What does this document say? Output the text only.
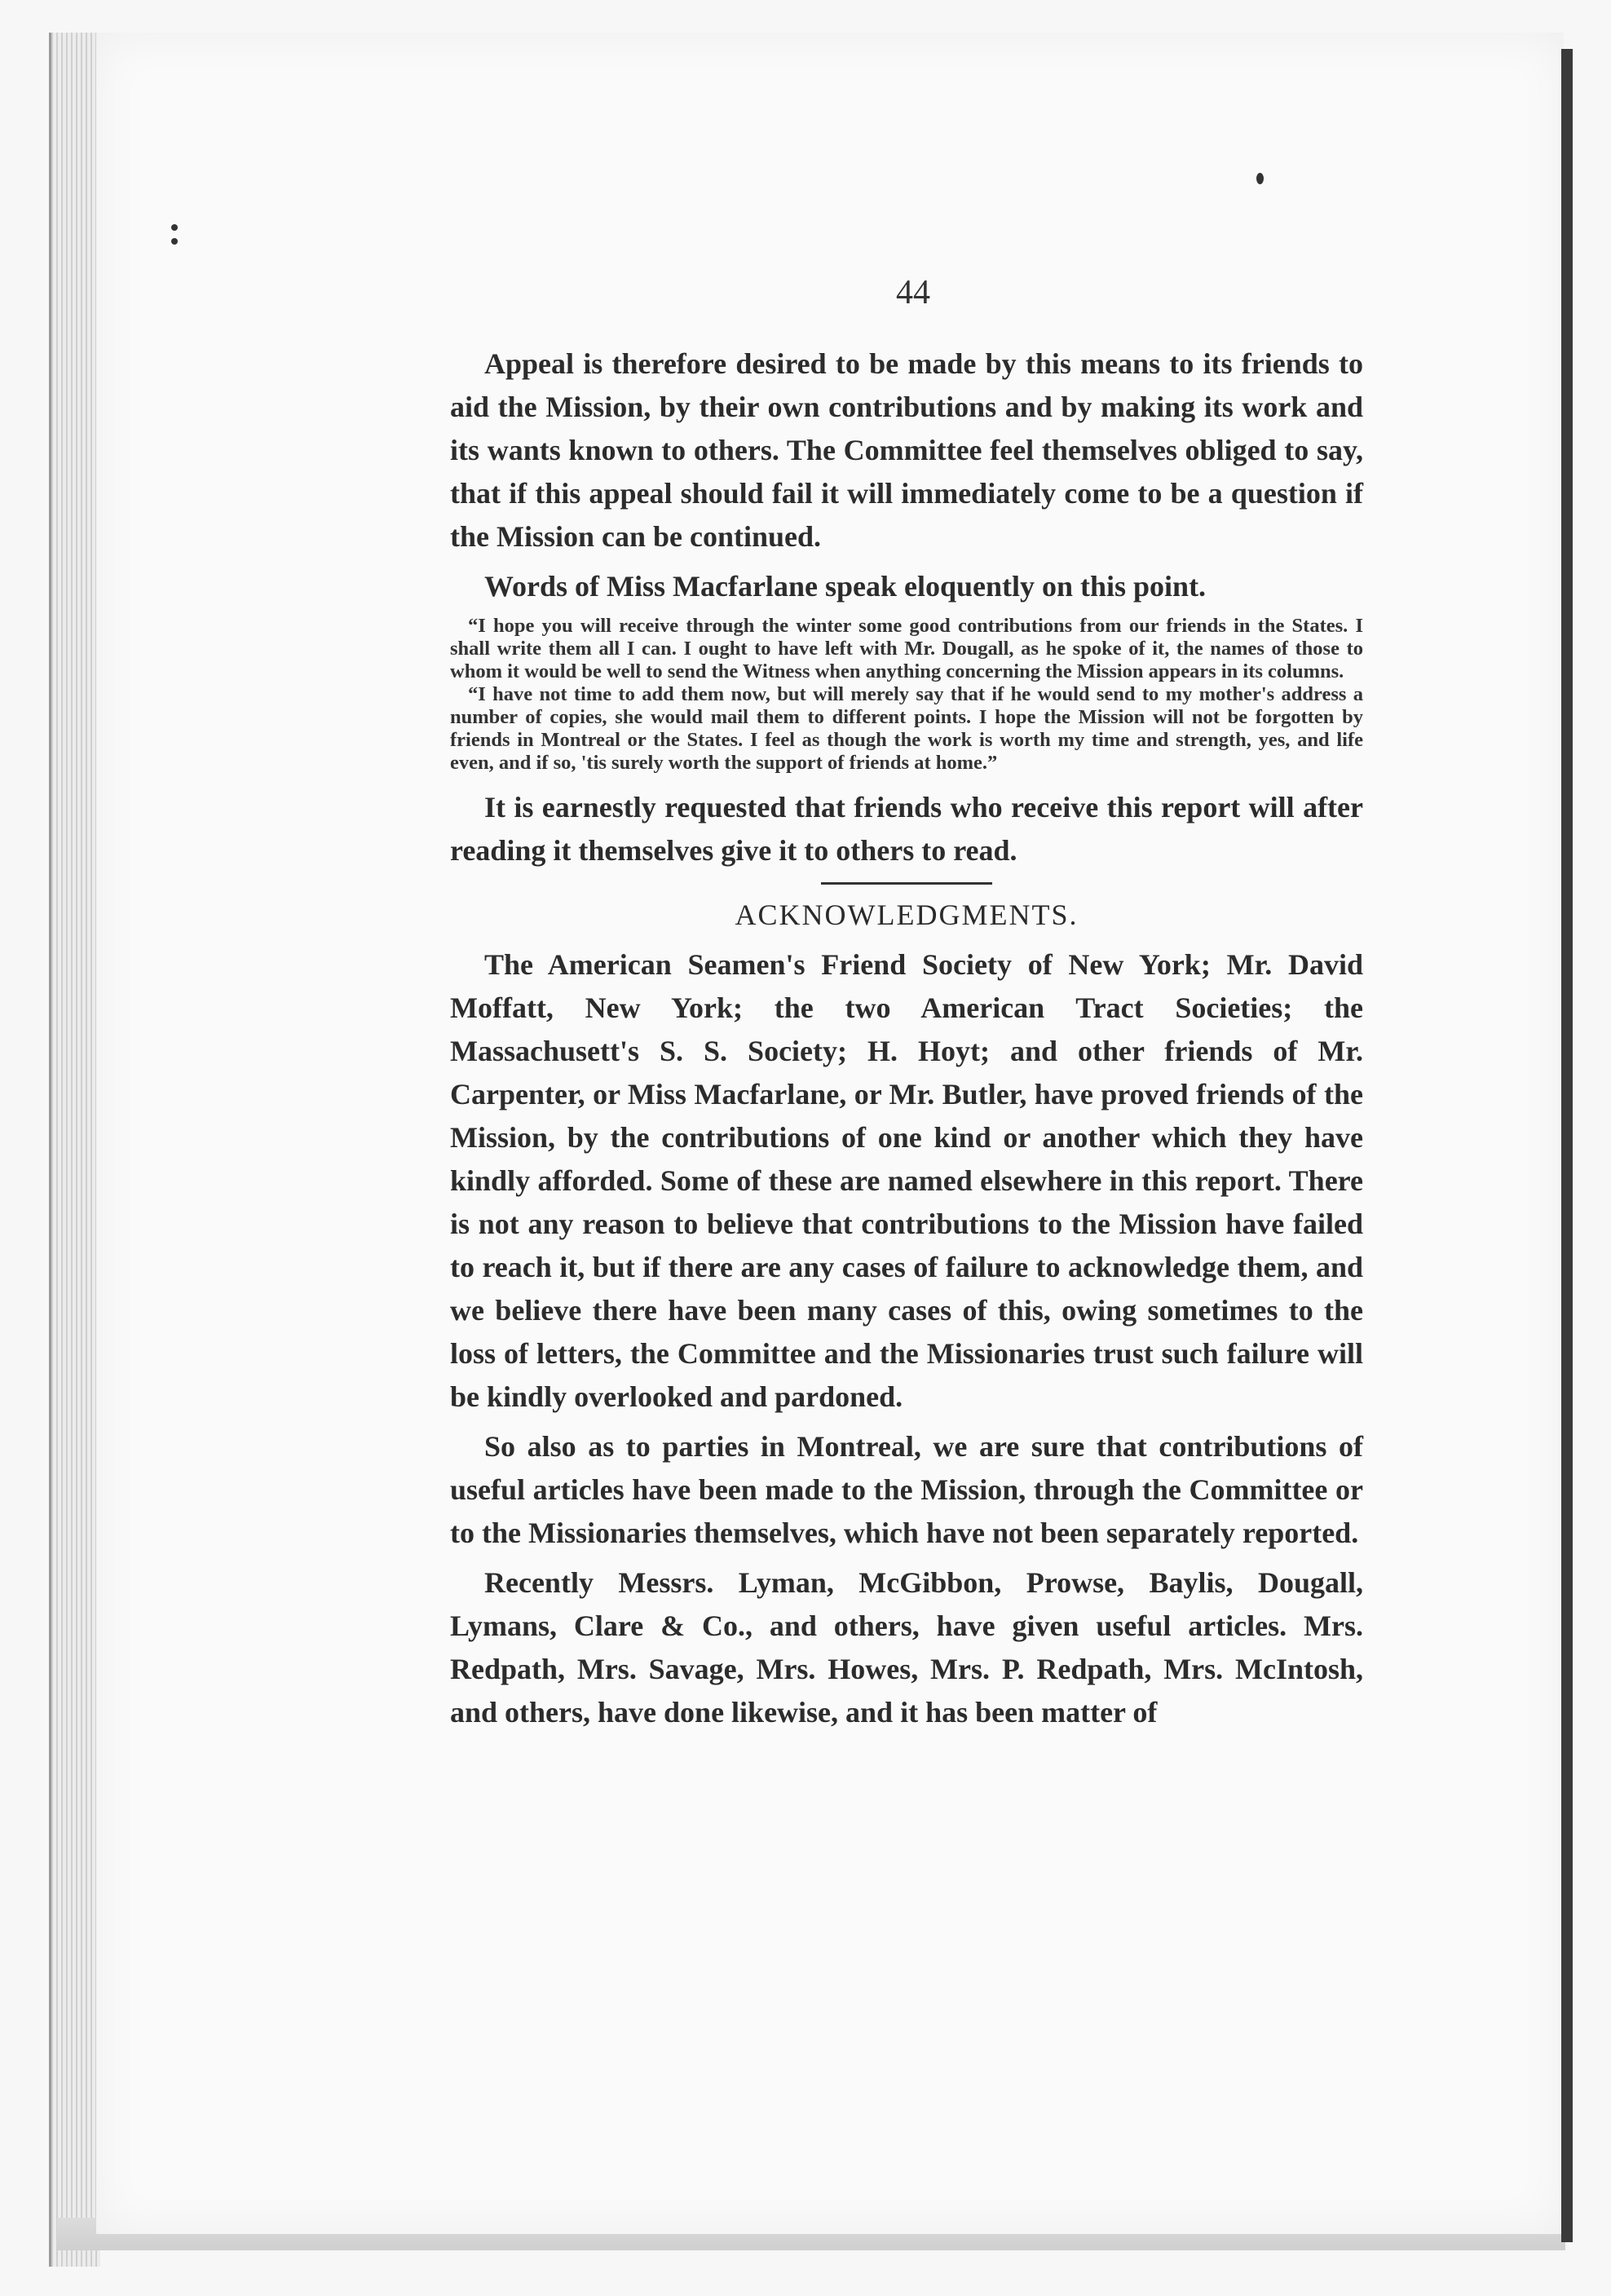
44

Appeal is therefore desired to be made by this means to its friends to aid the Mission, by their own contributions and by making its work and its wants known to others. The Committee feel themselves obliged to say, that if this appeal should fail it will immediately come to be a question if the Mission can be continued.

Words of Miss Macfarlane speak eloquently on this point.

“I hope you will receive through the winter some good contributions from our friends in the States. I shall write them all I can. I ought to have left with Mr. Dougall, as he spoke of it, the names of those to whom it would be well to send the Witness when anything concerning the Mission appears in its columns.

“I have not time to add them now, but will merely say that if he would send to my mother's address a number of copies, she would mail them to different points. I hope the Mission will not be forgotten by friends in Montreal or the States. I feel as though the work is worth my time and strength, yes, and life even, and if so, 'tis surely worth the support of friends at home.”

It is earnestly requested that friends who receive this report will after reading it themselves give it to others to read.

ACKNOWLEDGMENTS.

The American Seamen's Friend Society of New York; Mr. David Moffatt, New York; the two American Tract Societies; the Massachusett's S. S. Society; H. Hoyt; and other friends of Mr. Carpenter, or Miss Macfarlane, or Mr. Butler, have proved friends of the Mission, by the contributions of one kind or another which they have kindly afforded. Some of these are named elsewhere in this report. There is not any reason to believe that contributions to the Mission have failed to reach it, but if there are any cases of failure to acknowledge them, and we believe there have been many cases of this, owing sometimes to the loss of letters, the Committee and the Missionaries trust such failure will be kindly overlooked and pardoned.

So also as to parties in Montreal, we are sure that contributions of useful articles have been made to the Mission, through the Committee or to the Missionaries themselves, which have not been separately reported.

Recently Messrs. Lyman, McGibbon, Prowse, Baylis, Dougall, Lymans, Clare & Co., and others, have given useful articles. Mrs. Redpath, Mrs. Savage, Mrs. Howes, Mrs. P. Redpath, Mrs. McIntosh, and others, have done likewise, and it has been matter of
